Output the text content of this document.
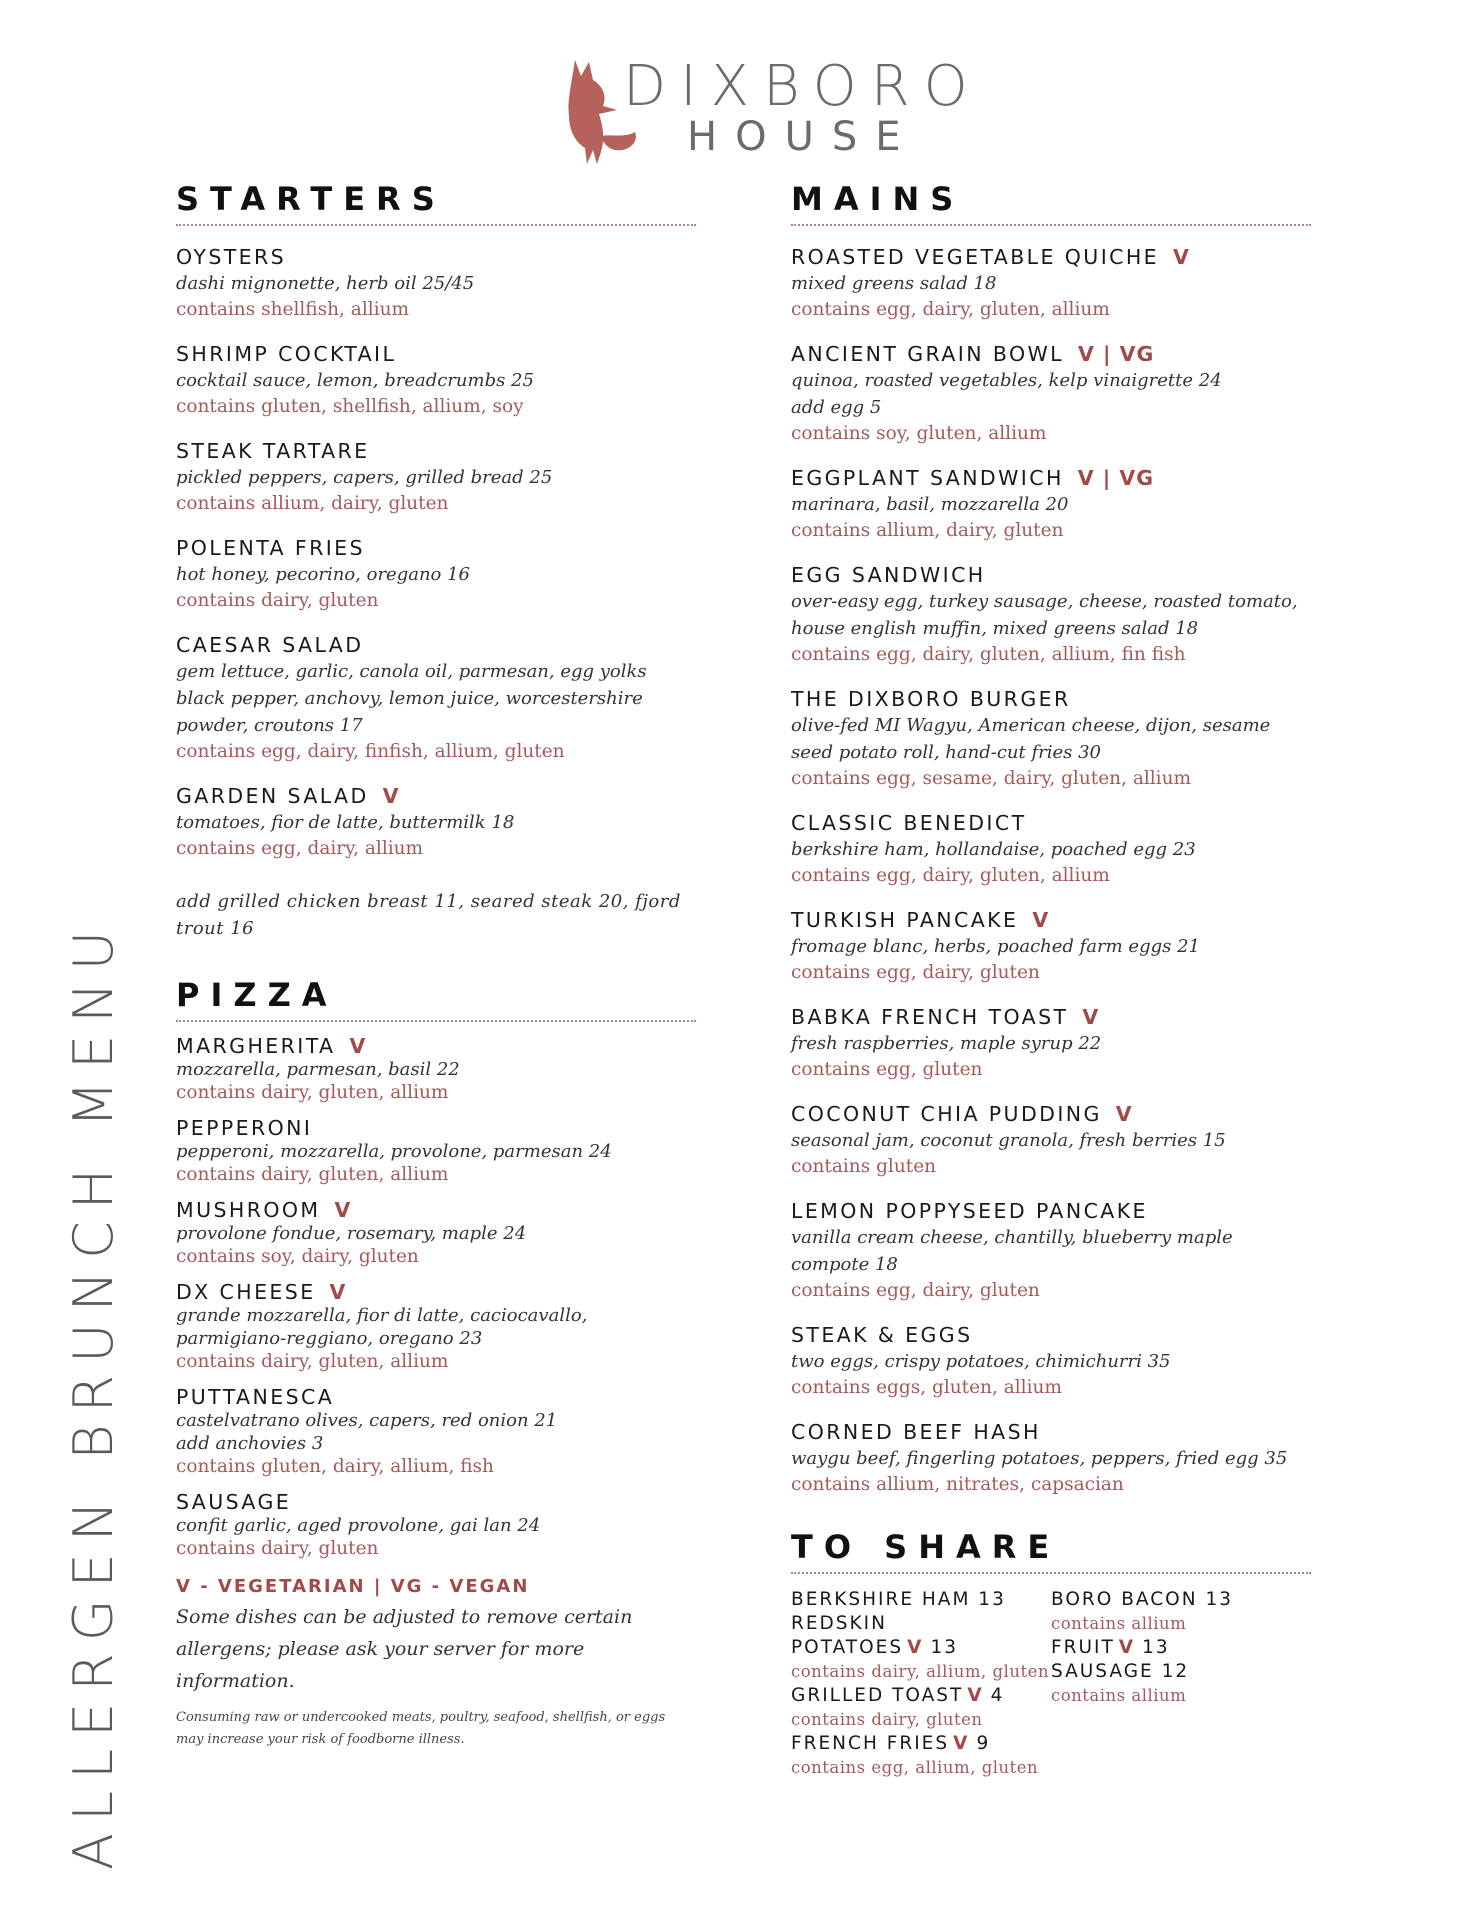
DIXBORO
HOUSE
ALLERGEN BRUNCH MENU
STARTERS
OYSTERS
dashi mignonette, herb oil 25/45
contains shellfish, allium
SHRIMP COCKTAIL
cocktail sauce, lemon, breadcrumbs 25
contains gluten, shellfish, allium, soy
STEAK TARTARE
pickled peppers, capers, grilled bread 25
contains allium, dairy, gluten
POLENTA FRIES
hot honey, pecorino, oregano 16
contains dairy, gluten
CAESAR SALAD
gem lettuce, garlic, canola oil, parmesan, egg yolks black pepper, anchovy, lemon juice, worcestershire powder, croutons 17
contains egg, dairy, finfish, allium, gluten
GARDEN SALAD V
tomatoes, fior de latte, buttermilk 18
contains egg, dairy, allium
add grilled chicken breast 11, seared steak 20, fjord trout 16
PIZZA
MARGHERITA V
mozzarella, parmesan, basil 22
contains dairy, gluten, allium
PEPPERONI
pepperoni, mozzarella, provolone, parmesan 24
contains dairy, gluten, allium
MUSHROOM V
provolone fondue, rosemary, maple 24
contains soy, dairy, gluten
DX CHEESE V
grande mozzarella, fior di latte, caciocavallo, parmigiano-reggiano, oregano 23
contains dairy, gluten, allium
PUTTANESCA
castelvatrano olives, capers, red onion 21
add anchovies 3
contains gluten, dairy, allium, fish
SAUSAGE
confit garlic, aged provolone, gai lan 24
contains dairy, gluten
V - VEGETARIAN | VG - VEGAN
Some dishes can be adjusted to remove certain allergens; please ask your server for more information.
Consuming raw or undercooked meats, poultry, seafood, shellfish, or eggs may increase your risk of foodborne illness.
MAINS
ROASTED VEGETABLE QUICHE V
mixed greens salad 18
contains egg, dairy, gluten, allium
ANCIENT GRAIN BOWL V | VG
quinoa, roasted vegetables, kelp vinaigrette 24
add egg 5
contains soy, gluten, allium
EGGPLANT SANDWICH V | VG
marinara, basil, mozzarella 20
contains allium, dairy, gluten
EGG SANDWICH
over-easy egg, turkey sausage, cheese, roasted tomato, house english muffin, mixed greens salad 18
contains egg, dairy, gluten, allium, fin fish
THE DIXBORO BURGER
olive-fed MI Wagyu, American cheese, dijon, sesame seed potato roll, hand-cut fries 30
contains egg, sesame, dairy, gluten, allium
CLASSIC BENEDICT
berkshire ham, hollandaise, poached egg 23
contains egg, dairy, gluten, allium
TURKISH PANCAKE V
fromage blanc, herbs, poached farm eggs 21
contains egg, dairy, gluten
BABKA FRENCH TOAST V
fresh raspberries, maple syrup 22
contains egg, gluten
COCONUT CHIA PUDDING V
seasonal jam, coconut granola, fresh berries 15
contains gluten
LEMON POPPYSEED PANCAKE
vanilla cream cheese, chantilly, blueberry maple compote 18
contains egg, dairy, gluten
STEAK & EGGS
two eggs, crispy potatoes, chimichurri 35
contains eggs, gluten, allium
CORNED BEEF HASH
waygu beef, fingerling potatoes, peppers, fried egg 35
contains allium, nitrates, capsacian
TO SHARE
BERKSHIRE HAM 13
REDSKIN POTATOES V 13
contains dairy, allium, gluten
GRILLED TOAST V 4
contains dairy, gluten
FRENCH FRIES V 9
contains egg, allium, gluten
BORO BACON 13
contains allium
FRUIT V 13
SAUSAGE 12
contains allium
